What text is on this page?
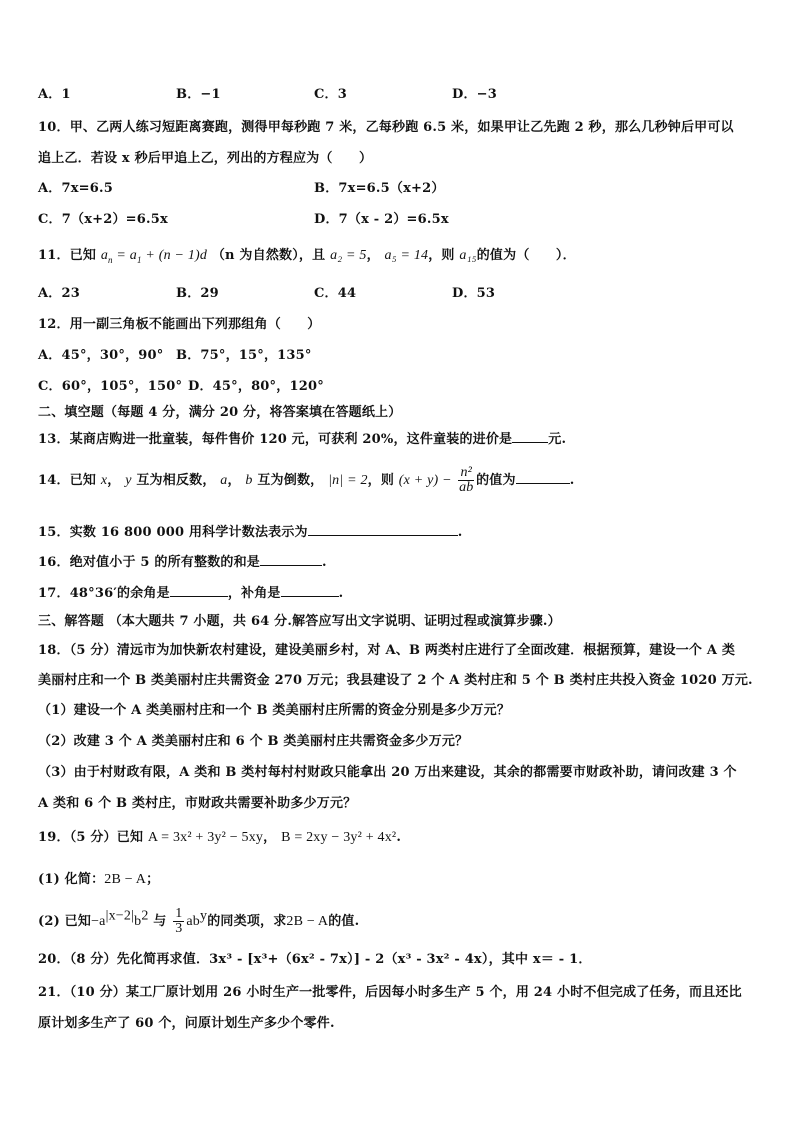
A．1	B．−1	C．3	D．−3
10．甲、乙两人练习短距离赛跑，测得甲每秒跑 7 米，乙每秒跑 6.5 米，如果甲让乙先跑 2 秒，那么几秒钟后甲可以
追上乙．若设 x 秒后甲追上乙，列出的方程应为（　　）
A．7x=6.5	B．7x=6.5（x+2）
C．7（x+2）=6.5x	D．7（x - 2）=6.5x
11．已知 $a_n = a_1 + (n - 1)d$ （n 为自然数），且 a₂ = 5， a₅ = 14，则 a₁₅的值为（　　）．
A．23	B．29	C．44	D．53
12．用一副三角板不能画出下列那组角（　　）
A．45°，30°，90° B．75°，15°，135°
C．60°，105°，150° D．45°，80°，120°
二、填空题（每题 4 分，满分 20 分，将答案填在答题纸上）
13．某商店购进一批童装，每件售价 120 元，可获利 20%，这件童装的进价是	元.
14．已知 x， y 互为相反数， a， b 互为倒数， |n| = 2，则 $(x + y) - \frac{\text{n²}}{ab}$ 的值为	.
15．实数 16 800 000 用科学计数法表示为	.
16．绝对值小于 5 的所有整数的和是	.
17．48°36′的余角是	，补角是	.
三、解答题 （本大题共 7 小题，共 64 分.解答应写出文字说明、证明过程或演算步骤.）
18．（5 分）清远市为加快新农村建设，建设美丽乡村，对 A、B 两类村庄进行了全面改建．根据预算，建设一个 A 类
美丽村庄和一个 B 类美丽村庄共需资金 270 万元；我县建设了 2 个 A 类村庄和 5 个 B 类村庄共投入资金 1020 万元.
（1）建设一个 A 类美丽村庄和一个 B 类美丽村庄所需的资金分别是多少万元？
（2）改建 3 个 A 类美丽村庄和 6 个 B 类美丽村庄共需资金多少万元？
（3）由于村财政有限，A 类和 B 类村每村村财政只能拿出 20 万出来建设，其余的都需要市财政补助，请问改建 3 个
A 类和 6 个 B 类村庄，市财政共需要补助多少万元？
19．（5 分）已知 A = 3x² + 3y² − 5xy， B = 2xy − 3y² + 4x².
(1) 化简：2B − A；
(2) 已知$-a^{|x-2|}b^2$ 与 $\frac{1}{3} ab^y$的同类项，求2B − A的值.
20．（8 分）先化简再求值．3x³ - [x³+（6x² - 7x）] - 2（x³ - 3x² - 4x），其中 x＝ - 1．
21．（10 分）某工厂原计划用 26 小时生产一批零件，后因每小时多生产 5 个，用 24 小时不但完成了任务，而且还比
原计划多生产了 60 个，问原计划生产多少个零件.
